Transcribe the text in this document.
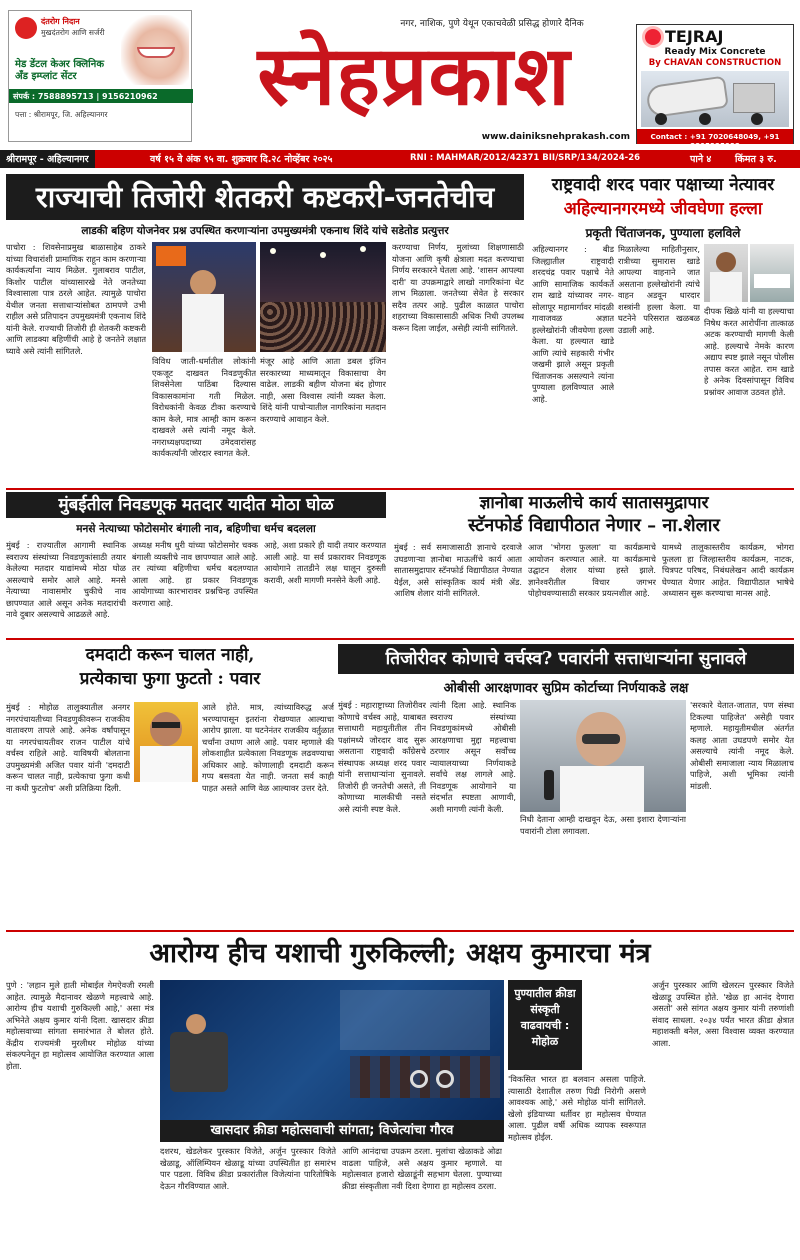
दंतरोग निदान
मुखदंतरोग आणि सर्जरी
मेड डेंटल केअर क्लिनिक
अँड इम्प्लांट सेंटर
संपर्क : 7588895713 | 9156210962
पत्ता : श्रीरामपूर, जि. अहिल्यानगर
नगर, नाशिक, पुणे येथून एकाचवेळी प्रसिद्ध होणारे दैनिक
स्नेहप्रकाश
www.dainiksnehprakash.com
TEJRAJ
Ready Mix Concrete
By CHAVAN CONSTRUCTION
Contact : +91 7020648049, +91 8805325932
श्रीरामपूर - अहिल्यानगर	वर्ष १५ वे अंक ९५ वा. शुक्रवार दि.२८ नोव्हेंबर २०२५	RNI : MAHMAR/2012/42371 BII/SRP/134/2024-26	पाने ४ किंमत ३ रु.
राज्याची तिजोरी शेतकरी कष्टकरी-जनतेचीच
लाडकी बहिण योजनेवर प्रश्न उपस्थित करणाऱ्यांना उपमुख्यमंत्री एकनाथ शिंदे यांचे सडेतोड प्रत्युत्तर
पाचोरा : शिवसेनाप्रमुख बाळासाहेब ठाकरे यांच्या विचारांशी प्रामाणिक राहून काम करणाऱ्या कार्यकर्त्यांना न्याय मिळेल. गुलाबराव पाटील, किशोर पाटील यांच्यासारखे नेते जनतेच्या विश्वासाला पात्र ठरले आहेत. त्यामुळे पाचोरा येथील जनता सत्ताधाऱ्यांसोबत ठामपणे उभी राहील असे प्रतिपादन उपमुख्यमंत्री एकनाथ शिंदे यांनी केले. राज्याची तिजोरी ही शेतकरी कष्टकरी आणि लाडक्या बहिणींची आहे हे जनतेने लक्षात घ्यावे असे त्यांनी सांगितले.
विविध जाती-धर्मातील लोकांनी एकजूट दाखवत निवडणुकीत शिवसेनेला पाठिंबा दिल्यास विकासकामांना गती मिळेल. विरोधकांनी केवळ टीका करण्याचे काम केले, मात्र आम्ही काम करून दाखवले असे त्यांनी नमूद केले. नगराध्यक्षपदाच्या उमेदवारांसह कार्यकर्त्यांनी जोरदार स्वागत केले.
मंजूर आहे आणि आता डबल इंजिन सरकारच्या माध्यमातून विकासाचा वेग वाढेल. लाडकी बहीण योजना बंद होणार नाही, असा विश्वास त्यांनी व्यक्त केला. शिंदे यांनी पाचोऱ्यातील नागरिकांना मतदान करण्याचे आवाहन केले.
करण्याचा निर्णय, मुलांच्या शिक्षणासाठी योजना आणि कृषी क्षेत्राला मदत करण्याचा निर्णय सरकारने घेतला आहे. 'शासन आपल्या दारी' या उपक्रमाद्वारे लाखो नागरिकांना थेट लाभ मिळाला. जनतेच्या सेवेत हे सरकार सदैव तत्पर आहे. पुढील काळात पाचोरा शहराच्या विकासासाठी अधिक निधी उपलब्ध करून दिला जाईल, असेही त्यांनी सांगितले.
राष्ट्रवादी शरद पवार पक्षाच्या नेत्यावर
अहिल्यानगरमध्ये जीवघेणा हल्ला
प्रकृती चिंताजनक, पुण्याला हलविले
अहिल्यानगर : बीड जिल्ह्यातील राष्ट्रवादी शरदचंद्र पवार पक्षाचे नेते आणि सामाजिक कार्यकर्ते राम खाडे यांच्यावर नगर-सोलापूर महामार्गावर मांदळी गावाजवळ अज्ञात हल्लेखोरांनी जीवघेणा हल्ला केला. या हल्ल्यात खाडे आणि त्यांचे सहकारी गंभीर जखमी झाले असून प्रकृती चिंताजनक असल्याने त्यांना पुण्याला हलविण्यात आले आहे.
मिळालेल्या माहितीनुसार, रात्रीच्या सुमारास खाडे आपल्या वाहनाने जात असताना हल्लेखोरांनी त्यांचे वाहन अडवून धारदार शस्त्रांनी हल्ला केला. या घटनेने परिसरात खळबळ उडाली आहे.
दीपक खिळे यांनी या हल्ल्याचा निषेध करत आरोपींना तात्काळ अटक करण्याची मागणी केली आहे. हल्ल्याचे नेमके कारण अद्याप स्पष्ट झाले नसून पोलीस तपास करत आहेत. राम खाडे हे अनेक दिवसांपासून विविध प्रश्नांवर आवाज उठवत होते.
मुंबईतील निवडणूक मतदार यादीत मोठा घोळ
मनसे नेत्याच्या फोटोसमोर बंगाली नाव, बहिणीचा धर्मच बदलला
मुंबई : राज्यातील आगामी स्थानिक स्वराज्य संस्थांच्या निवडणुकांसाठी तयार केलेल्या मतदार याद्यांमध्ये मोठा घोळ असल्याचे समोर आले आहे. मनसे नेत्याच्या नावासमोर चुकीचे नाव छापण्यात आले असून अनेक मतदारांची नावे दुबार असल्याचे आढळले आहे.
अध्यक्ष मनीष धुरी यांच्या फोटोसमोर चक्क बंगाली व्यक्तीचे नाव छापण्यात आले आहे. तर त्यांच्या बहिणीचा धर्मच बदलण्यात आला आहे. हा प्रकार निवडणूक आयोगाच्या कारभारावर प्रश्नचिन्ह उपस्थित करणारा आहे.
आहे, अशा प्रकारे ही यादी तयार करण्यात आली आहे. या सर्व प्रकारावर निवडणूक आयोगाने तातडीने लक्ष घालून दुरुस्ती करावी, अशी मागणी मनसेने केली आहे.
ज्ञानोबा माऊलीचे कार्य सातासमुद्रापार
स्टॅनफोर्ड विद्यापीठात नेणार – ना.शेलार
मुंबई : सर्व समाजासाठी ज्ञानाचे दरवाजे उघडणाऱ्या ज्ञानोबा माऊलींचे कार्य आता सातासमुद्रापार स्टॅनफोर्ड विद्यापीठात नेण्यात येईल, असे सांस्कृतिक कार्य मंत्री ॲड. आशिष शेलार यांनी सांगितले.
आज 'भोगरा फुलला' या कार्यक्रमाचे आयोजन करण्यात आले. या कार्यक्रमाचे उद्घाटन शेलार यांच्या हस्ते झाले. ज्ञानेश्वरीतील विचार जगभर पोहोचवण्यासाठी सरकार प्रयत्नशील आहे.
यामध्ये तालुकास्तरीय कार्यक्रम, भोगरा फुलला हा जिल्हास्तरीय कार्यक्रम, नाटक, चित्रपट परिषद, निबंधलेखन आदी कार्यक्रम घेण्यात येणार आहेत. विद्यापीठात भाषेचे अध्यासन सुरू करण्याचा मानस आहे.
दमदाटी करून चालत नाही,
प्रत्येकाचा फुगा फुटतो : पवार
मुंबई : मोहोळ तालुक्यातील अनगर नगरपंचायतीच्या निवडणुकीवरून राजकीय वातावरण तापले आहे. अनेक वर्षांपासून या नगरपंचायतीवर राजन पाटील यांचे वर्चस्व राहिले आहे. याविषयी बोलताना उपमुख्यमंत्री अजित पवार यांनी 'दमदाटी करून चालत नाही, प्रत्येकाचा फुगा कधी ना कधी फुटतोच' अशी प्रतिक्रिया दिली.
आले होते. मात्र, त्यांच्याविरुद्ध अर्ज भरण्यापासून इतरांना रोखण्यात आल्याचा आरोप झाला. या घटनेनंतर राजकीय वर्तुळात चर्चांना उधाण आले आहे. पवार म्हणाले की लोकशाहीत प्रत्येकाला निवडणूक लढवण्याचा अधिकार आहे. कोणालाही दमदाटी करून गप्प बसवता येत नाही. जनता सर्व काही पाहत असते आणि वेळ आल्यावर उत्तर देते.
तिजोरीवर कोणाचे वर्चस्व? पवारांनी सत्ताधाऱ्यांना सुनावले
ओबीसी आरक्षणावर सुप्रिम कोर्टाच्या निर्णयाकडे लक्ष
मुंबई : महाराष्ट्राच्या तिजोरीवर कोणाचे वर्चस्व आहे, याबाबत सत्ताधारी महायुतीतील तीन पक्षांमध्ये जोरदार वाद सुरू असताना राष्ट्रवादी काँग्रेसचे संस्थापक अध्यक्ष शरद पवार यांनी सत्ताधाऱ्यांना सुनावले. तिजोरी ही जनतेची असते, ती कोणाच्या मालकीची नसते असे त्यांनी स्पष्ट केले.
त्यांनी दिला आहे. स्थानिक स्वराज्य संस्थांच्या निवडणुकांमध्ये ओबीसी आरक्षणाचा मुद्दा महत्त्वाचा ठरणार असून सर्वोच्च न्यायालयाच्या निर्णयाकडे सर्वांचे लक्ष लागले आहे. निवडणूक आयोगाने या संदर्भात स्पष्टता आणावी, अशी मागणी त्यांनी केली.
निधी देताना आम्ही दाखवून देऊ, असा इशारा देणाऱ्यांना पवारांनी टोला लगावला.
'सरकारे येतात-जातात, पण संस्था टिकल्या पाहिजेत' असेही पवार म्हणाले. महायुतीमधील अंतर्गत कलह आता उघडपणे समोर येत असल्याचे त्यांनी नमूद केले. ओबीसी समाजाला न्याय मिळालाच पाहिजे, अशी भूमिका त्यांनी मांडली.
आरोग्य हीच यशाची गुरुकिल्ली; अक्षय कुमारचा मंत्र
पुणे : 'लहान मुले हाती मोबाईल गेमऐवजी रमली आहेत. त्यामुळे मैदानावर खेळणे महत्त्वाचे आहे. आरोग्य हीच यशाची गुरुकिल्ली आहे,' असा मंत्र अभिनेते अक्षय कुमार यांनी दिला. खासदार क्रीडा महोत्सवाच्या सांगता समारंभात ते बोलत होते. केंद्रीय राज्यमंत्री मुरलीधर मोहोळ यांच्या संकल्पनेतून हा महोत्सव आयोजित करण्यात आला होता.
खासदार क्रीडा महोत्सवाची सांगता; विजेत्यांचा गौरव
दशरथ, खेडलेकर पुरस्कार विजेते, अर्जुन पुरस्कार विजेते खेळाडू, ऑलिम्पियन खेळाडू यांच्या उपस्थितीत हा समारंभ पार पडला. विविध क्रीडा प्रकारांतील विजेत्यांना पारितोषिके देऊन गौरविण्यात आले.
आणि आनंदाचा उपक्रम ठरला. मुलांचा खेळाकडे ओढा वाढला पाहिजे, असे अक्षय कुमार म्हणाले. या महोत्सवात हजारो खेळाडूंनी सहभाग घेतला. पुण्याच्या क्रीडा संस्कृतीला नवी दिशा देणारा हा महोत्सव ठरला.
पुण्यातील क्रीडा संस्कृती वाढवायची : मोहोळ
'विकसित भारत हा बलवान असला पाहिजे. त्यासाठी देशातील तरुण पिढी निरोगी असणे आवश्यक आहे,' असे मोहोळ यांनी सांगितले. खेलो इंडियाच्या धर्तीवर हा महोत्सव घेण्यात आला. पुढील वर्षी अधिक व्यापक स्वरूपात महोत्सव होईल.
अर्जुन पुरस्कार आणि खेलरत्न पुरस्कार विजेते खेळाडू उपस्थित होते. 'खेळ हा आनंद देणारा असतो' असे सांगत अक्षय कुमार यांनी तरुणांशी संवाद साधला. २०३४ पर्यंत भारत क्रीडा क्षेत्रात महाशक्ती बनेल, असा विश्वास व्यक्त करण्यात आला.
